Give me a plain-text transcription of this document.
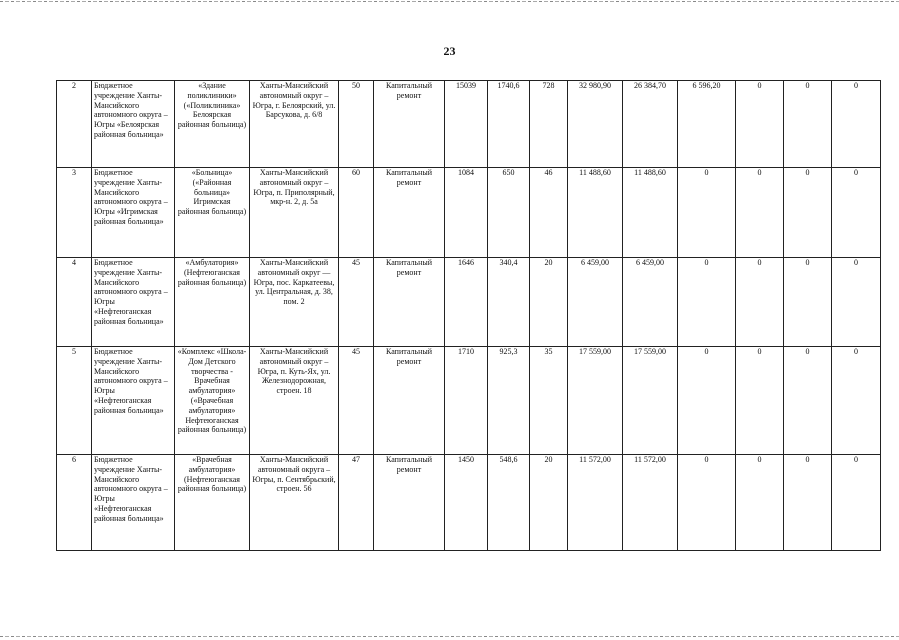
23
2	Бюджетное учреждение Ханты-Мансийского автономного округа – Югры «Белоярская районная больница»	«Здание поликлиники» («Поликлиника» Белоярская районная больница)	Ханты-Мансийский автономный округ – Югра, г. Белоярский, ул. Барсукова, д. 6/8	50	Капитальный ремонт	15039	1740,6	728	32 980,90	26 384,70	6 596,20	0	0	0
3	Бюджетное учреждение Ханты-Мансийского автономного округа – Югры «Игримская районная больница»	«Больница» («Районная больница» Игримская районная больница)	Ханты-Мансийский автономный округ – Югра, п. Приполярный, мкр-н. 2, д. 5а	60	Капитальный ремонт	1084	650	46	11 488,60	11 488,60	0	0	0	0
4	Бюджетное учреждение Ханты-Мансийского автономного округа – Югры «Нефтеюганская районная больница»	«Амбулатория» (Нефтеюганская районная больница)	Ханты-Мансийский автономный округ — Югра, пос. Каркатеевы, ул. Центральная, д. 38, пом. 2	45	Капитальный ремонт	1646	340,4	20	6 459,00	6 459,00	0	0	0	0
5	Бюджетное учреждение Ханты-Мансийского автономного округа – Югры «Нефтеюганская районная больница»	«Комплекс «Школа-Дом Детского творчества - Врачебная амбулатория» («Врачебная амбулатория» Нефтеюганская районная больница)	Ханты-Мансийский автономный округ – Югра, п. Куть-Ях, ул. Железнодорожная, строен. 18	45	Капитальный ремонт	1710	925,3	35	17 559,00	17 559,00	0	0	0	0
6	Бюджетное учреждение Ханты-Мансийского автономного округа – Югры «Нефтеюганская районная больница»	«Врачебная амбулатория» (Нефтеюганская районная больница)	Ханты-Мансийский автономный округа – Югры, п. Сентябрьский, строен. 56	47	Капитальный ремонт	1450	548,6	20	11 572,00	11 572,00	0	0	0	0
